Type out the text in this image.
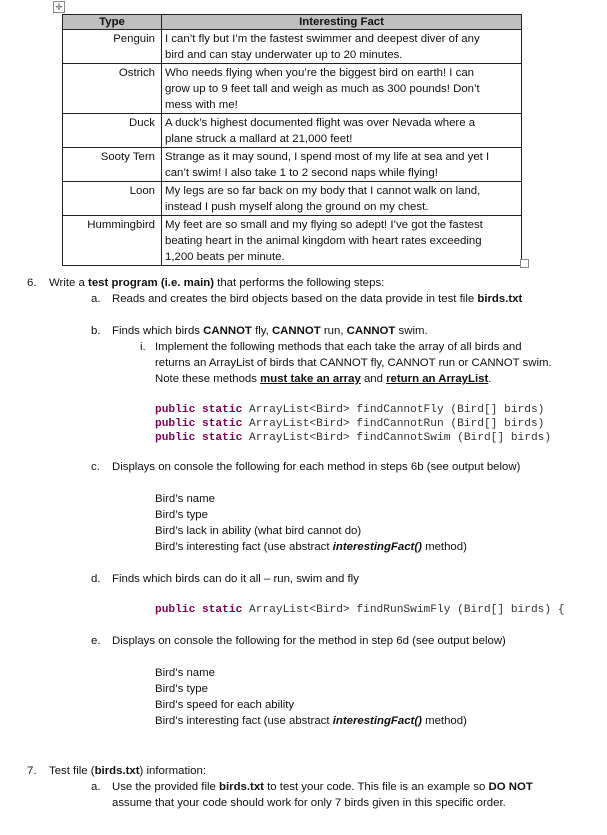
✛
Type	Interesting Fact
Penguin	I can’t fly but I’m the fastest swimmer and deepest diver of any
bird and can stay underwater up to 20 minutes.

Ostrich	Who needs flying when you’re the biggest bird on earth! I can
grow up to 9 feet tall and weigh as much as 300 pounds! Don’t
mess with me!

Duck	A duck’s highest documented flight was over Nevada where a
plane struck a mallard at 21,000 feet!

Sooty Tern	Strange as it may sound, I spend most of my life at sea and yet I
can’t swim! I also take 1 to 2 second naps while flying!

Loon	My legs are so far back on my body that I cannot walk on land,
instead I push myself along the ground on my chest.

Hummingbird	My feet are so small and my flying so adept! I’ve got the fastest
beating heart in the animal kingdom with heart rates exceeding
1,200 beats per minute.
6. Write a test program (i.e. main) that performs the following steps:
a. Reads and creates the bird objects based on the data provide in test file birds.txt
b. Finds which birds CANNOT fly, CANNOT run, CANNOT swim.
i. Implement the following methods that each take the array of all birds and
returns an ArrayList of birds that CANNOT fly, CANNOT run or CANNOT swim.
Note these methods must take an array and return an ArrayList.
public static ArrayList<Bird> findCannotFly (Bird[] birds)
public static ArrayList<Bird> findCannotRun (Bird[] birds)
public static ArrayList<Bird> findCannotSwim (Bird[] birds)
c. Displays on console the following for each method in steps 6b (see output below)
Bird’s name
Bird’s type
Bird’s lack in ability (what bird cannot do)
Bird’s interesting fact (use abstract interestingFact() method)
d. Finds which birds can do it all – run, swim and fly
public static ArrayList<Bird> findRunSwimFly (Bird[] birds) {
e. Displays on console the following for the method in step 6d (see output below)
Bird’s name
Bird’s type
Bird’s speed for each ability
Bird’s interesting fact (use abstract interestingFact() method)
7. Test file (birds.txt) information:
a. Use the provided file birds.txt to test your code. This file is an example so DO NOT
assume that your code should work for only 7 birds given in this specific order.
